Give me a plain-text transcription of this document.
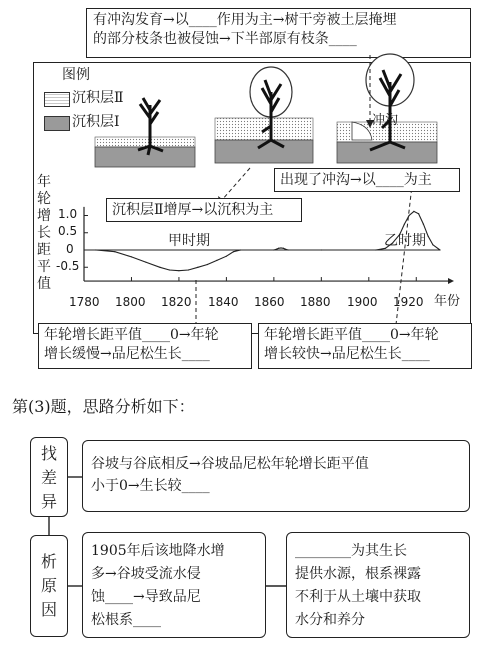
有冲沟发育→以____作用为主→树干旁被土层掩埋
的部分枝条也被侵蚀→下半部原有枝条____
图例
沉积层Ⅱ
沉积层Ⅰ	冲沟
出现了冲沟→以____为主
沉积层Ⅱ增厚→以沉积为主
年
轮
增
长
距
平
值
1.0
0.5
0
-0.5
1780 1800 1820 1840 1860 1880 1900 1920 年份
甲时期	乙时期
年轮增长距平值____0→年轮
增长缓慢→品尼松生长____
年轮增长距平值____0→年轮
增长较快→品尼松生长____
第(3)题，思路分析如下：
找
差
异
谷坡与谷底相反→谷坡品尼松年轮增长距平值
小于0→生长较____
析
原
因
1905年后该地降水增
多→谷坡受流水侵
蚀____→导致品尼
松根系____
________为其生长
提供水源，根系裸露
不利于从土壤中获取
水分和养分
